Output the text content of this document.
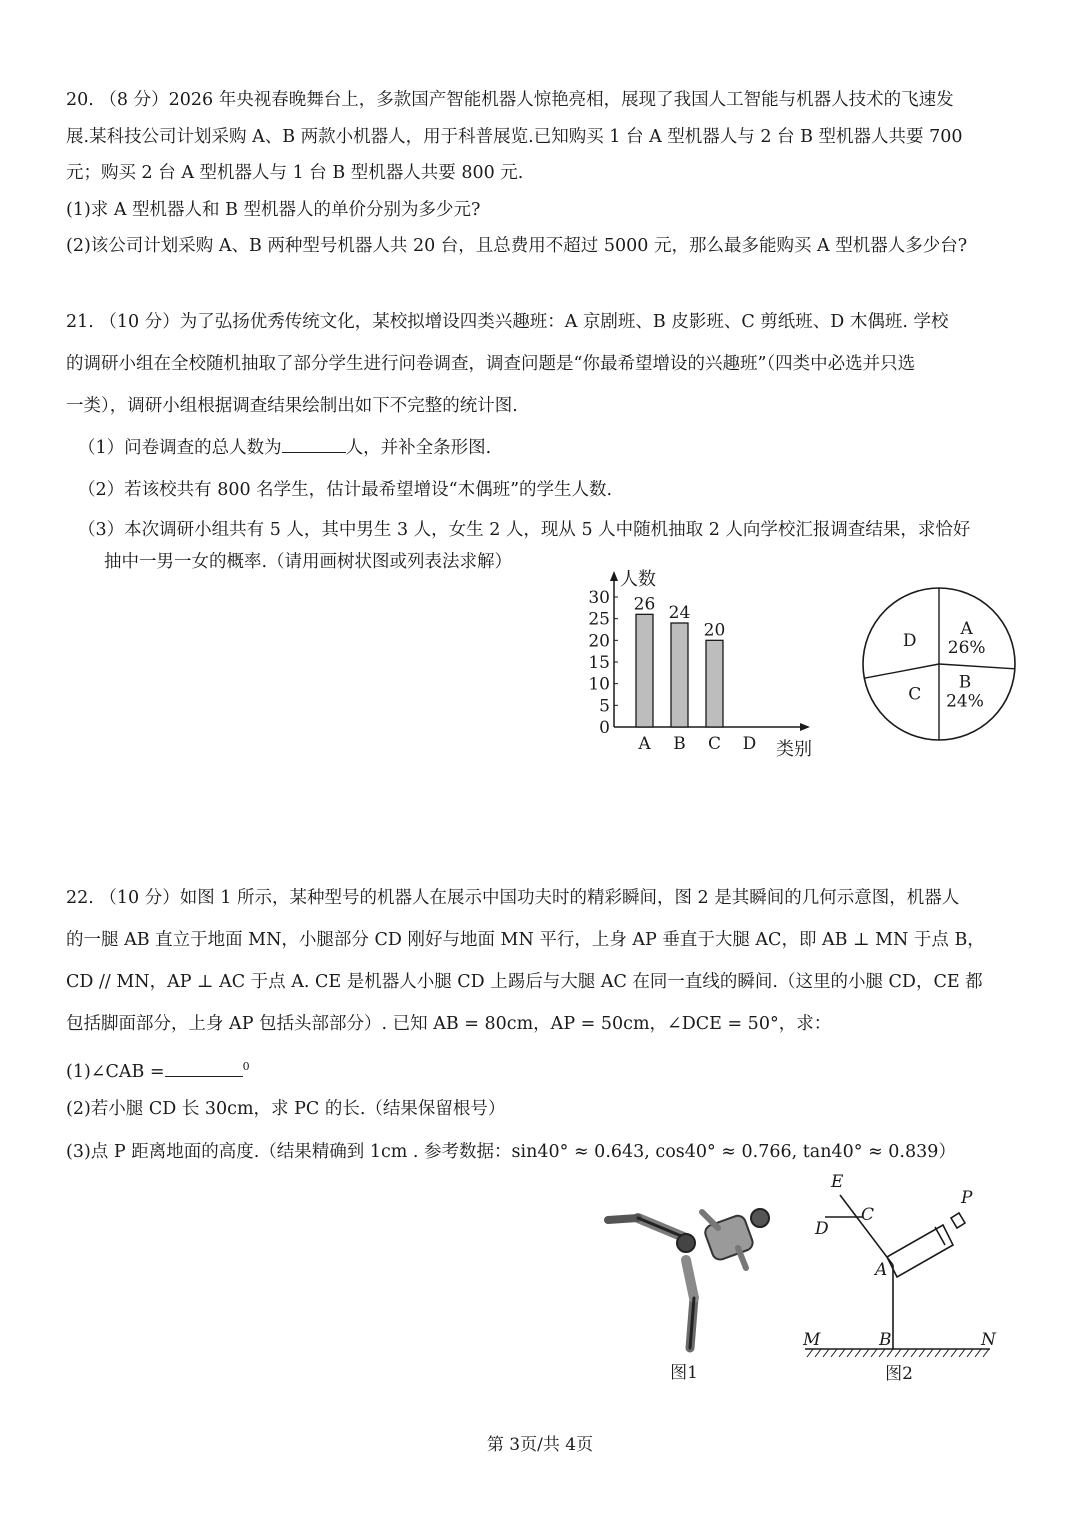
20. （8 分）2026 年央视春晚舞台上，多款国产智能机器人惊艳亮相，展现了我国人工智能与机器人技术的飞速发
展.某科技公司计划采购 A、B 两款小机器人，用于科普展览.已知购买 1 台 A 型机器人与 2 台 B 型机器人共要 700
元；购买 2 台 A 型机器人与 1 台 B 型机器人共要 800 元.
(1)求 A 型机器人和 B 型机器人的单价分别为多少元?
(2)该公司计划采购 A、B 两种型号机器人共 20 台，且总费用不超过 5000 元，那么最多能购买 A 型机器人多少台?
21. （10 分）为了弘扬优秀传统文化，某校拟增设四类兴趣班：A 京剧班、B 皮影班、C 剪纸班、D 木偶班. 学校
的调研小组在全校随机抽取了部分学生进行问卷调查，调查问题是“你最希望增设的兴趣班”（四类中必选并只选
一类），调研小组根据调查结果绘制出如下不完整的统计图.
（1）问卷调查的总人数为	人，并补全条形图.
（2）若该校共有 800 名学生，估计最希望增设“木偶班”的学生人数.
（3）本次调研小组共有 5 人，其中男生 3 人，女生 2 人，现从 5 人中随机抽取 2 人向学校汇报调查结果，求恰好
抽中一男一女的概率.（请用画树状图或列表法求解）
0
5
10
15
20
25
30
人数
类别
26
A
24
B
20
C D
A
26%
B
24%
C
D
22. （10 分）如图 1 所示，某种型号的机器人在展示中国功夫时的精彩瞬间，图 2 是其瞬间的几何示意图，机器人
的一腿 AB 直立于地面 MN，小腿部分 CD 刚好与地面 MN 平行，上身 AP 垂直于大腿 AC，即 AB ⊥ MN 于点 B，
CD // MN，AP ⊥ AC 于点 A. CE 是机器人小腿 CD 上踢后与大腿 AC 在同一直线的瞬间.（这里的小腿 CD，CE 都
包括脚面部分，上身 AP 包括头部部分）. 已知 AB = 80cm，AP = 50cm，∠DCE = 50°，求：
(1)∠CAB =	$^0$
(2)若小腿 CD 长 30cm，求 PC 的长.（结果保留根号）
(3)点 P 距离地面的高度.（结果精确到 1cm . 参考数据：sin40° ≈ 0.643, cos40° ≈ 0.766, tan40° ≈ 0.839）
图1
E
C
D
P
A
M	B	N
图2
第 3页/共 4页
